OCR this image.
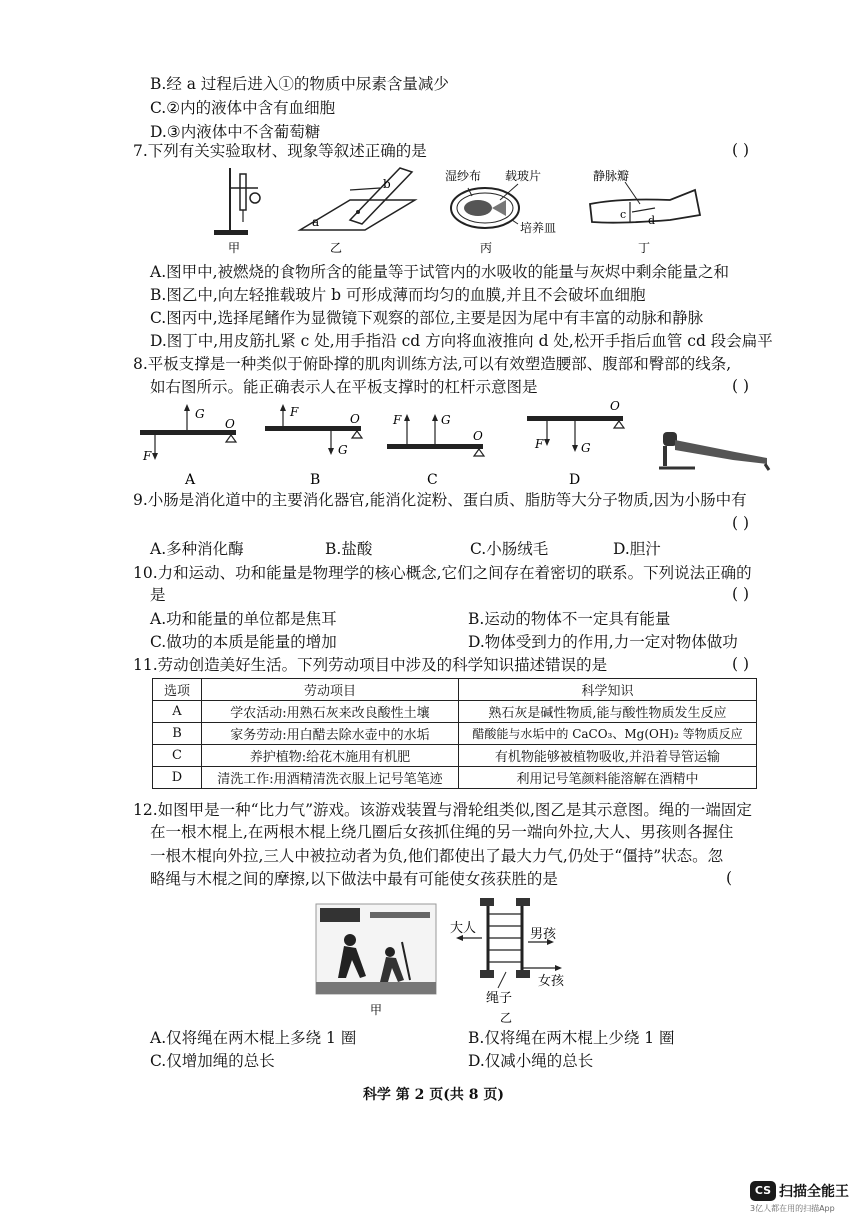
B.经 a 过程后进入①的物质中尿素含量减少
C.②内的液体中含有血细胞
D.③内液体中不含葡萄糖
7.下列有关实验取材、现象等叙述正确的是	( )
甲
b
a
乙
湿纱布 载玻片
培养皿
丙
静脉瓣
c d
丁
A.图甲中,被燃烧的食物所含的能量等于试管内的水吸收的能量与灰烬中剩余能量之和
B.图乙中,向左轻推载玻片 b 可形成薄而均匀的血膜,并且不会破坏血细胞
C.图丙中,选择尾鳍作为显微镜下观察的部位,主要是因为尾中有丰富的动脉和静脉
D.图丁中,用皮筋扎紧 c 处,用手指沿 cd 方向将血液推向 d 处,松开手指后血管 cd 段会扁平
8.平板支撑是一种类似于俯卧撑的肌肉训练方法,可以有效塑造腰部、腹部和臀部的线条,
如右图所示。能正确表示人在平板支撑时的杠杆示意图是	( )
G
O
F
A
F	O
G
B
F	G
O
C
F	G
O
D
9.小肠是消化道中的主要消化器官,能消化淀粉、蛋白质、脂肪等大分子物质,因为小肠中有
( )
A.多种消化酶	B.盐酸	C.小肠绒毛	D.胆汁
10.力和运动、功和能量是物理学的核心概念,它们之间存在着密切的联系。下列说法正确的
是	( )
A.功和能量的单位都是焦耳	B.运动的物体不一定具有能量
C.做功的本质是能量的增加	D.物体受到力的作用,力一定对物体做功
11.劳动创造美好生活。下列劳动项目中涉及的科学知识描述错误的是	( )
选项	劳动项目	科学知识
A	学农活动:用熟石灰来改良酸性土壤	熟石灰是碱性物质,能与酸性物质发生反应
B	家务劳动:用白醋去除水壶中的水垢	醋酸能与水垢中的 CaCO₃、Mg(OH)₂ 等物质反应
C	养护植物:给花木施用有机肥	有机物能够被植物吸收,并沿着导管运输
D	清洗工作:用酒精清洗衣服上记号笔笔迹	利用记号笔颜料能溶解在酒精中
12.如图甲是一种“比力气”游戏。该游戏装置与滑轮组类似,图乙是其示意图。绳的一端固定
在一根木棍上,在两根木棍上绕几圈后女孩抓住绳的另一端向外拉,大人、男孩则各握住
一根木棍向外拉,三人中被拉动者为负,他们都使出了最大力气,仍处于“僵持”状态。忽
略绳与木棍之间的摩擦,以下做法中最有可能使女孩获胜的是	(
甲
大人	男孩
女孩
绳子
乙
A.仅将绳在两木棍上多绕 1 圈	B.仅将绳在两木棍上少绕 1 圈
C.仅增加绳的总长	D.仅减小绳的总长
科学 第 2 页(共 8 页)
CS 扫描全能王
3亿人都在用的扫描App
